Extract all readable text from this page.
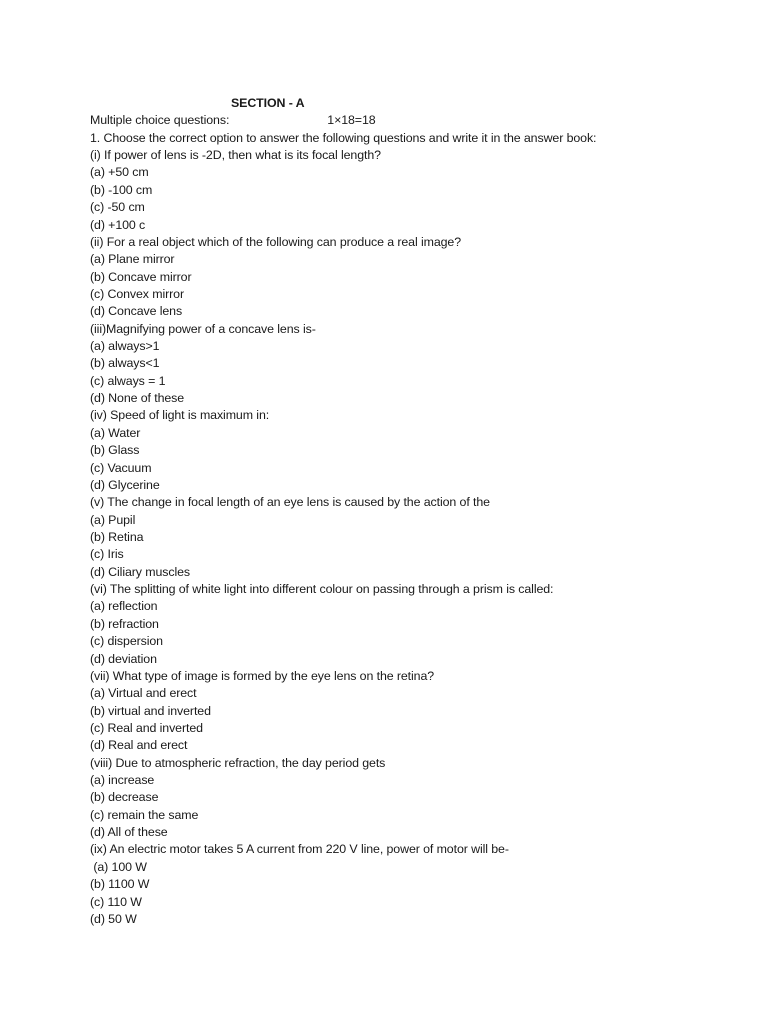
SECTION - A
Multiple choice questions:	1×18=18
1. Choose the correct option to answer the following questions and write it in the answer book:
(i) If power of lens is -2D, then what is its focal length?
(a) +50 cm
(b) -100 cm
(c) -50 cm
(d) +100 c
(ii) For a real object which of the following can produce a real image?
(a) Plane mirror
(b) Concave mirror
(c) Convex mirror
(d) Concave lens
(iii)Magnifying power of a concave lens is-
(a) always>1
(b) always<1
(c) always = 1
(d) None of these
(iv) Speed of light is maximum in:
(a) Water
(b) Glass
(c) Vacuum
(d) Glycerine
(v) The change in focal length of an eye lens is caused by the action of the
(a) Pupil
(b) Retina
(c) Iris
(d) Ciliary muscles
(vi) The splitting of white light into different colour on passing through a prism is called:
(a) reflection
(b) refraction
(c) dispersion
(d) deviation
(vii) What type of image is formed by the eye lens on the retina?
(a) Virtual and erect
(b) virtual and inverted
(c) Real and inverted
(d) Real and erect
(viii) Due to atmospheric refraction, the day period gets
(a) increase
(b) decrease
(c) remain the same
(d) All of these
(ix) An electric motor takes 5 A current from 220 V line, power of motor will be-
(a) 100 W
(b) 1100 W
(c) 110 W
(d) 50 W
